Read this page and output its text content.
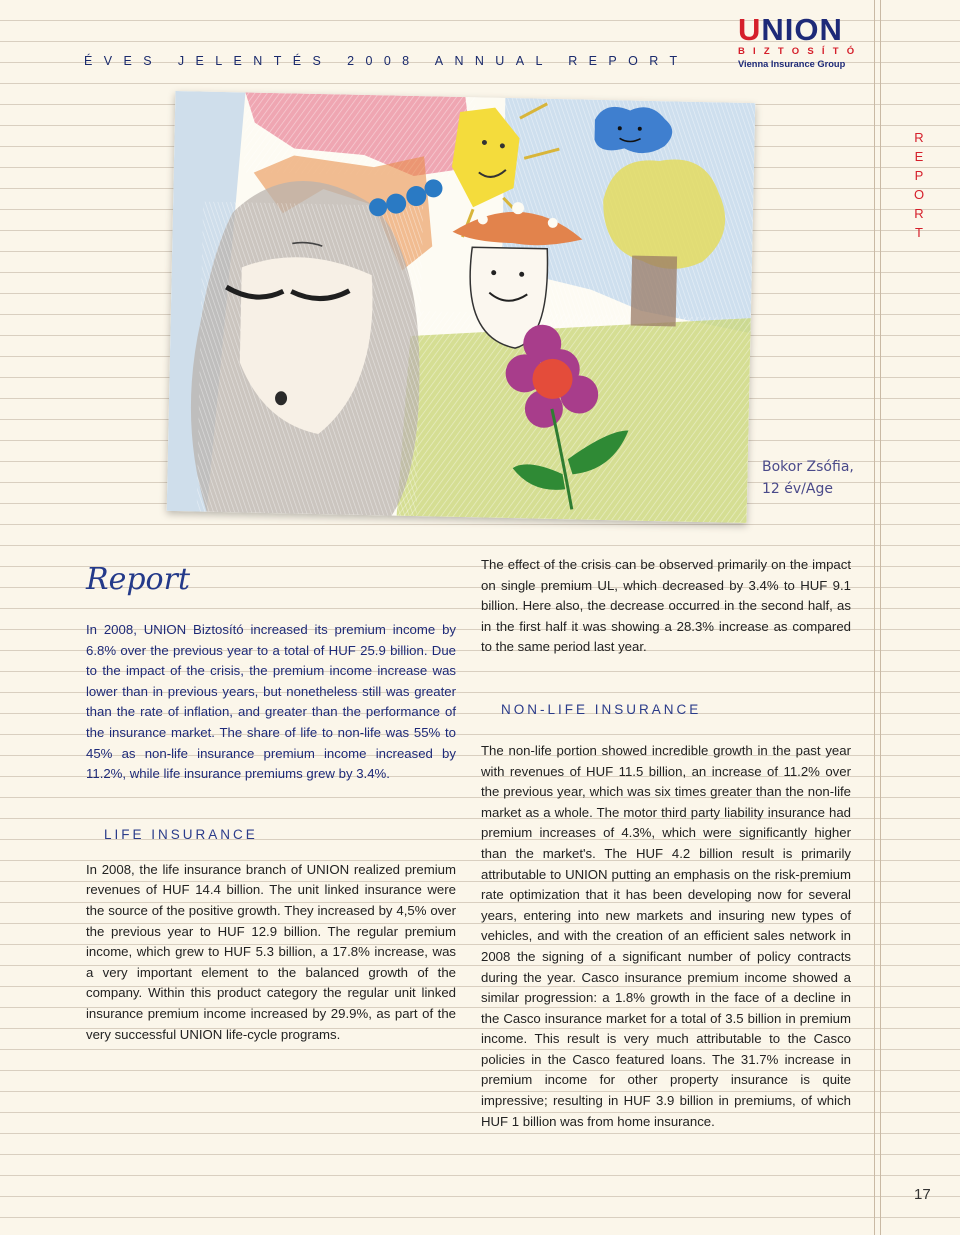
ÉVES JELENTÉS 2008 ANNUAL REPORT
UNION
BIZTOSÍTÓ
Vienna Insurance Group
R
E
P
O
R
T
Bokor Zsófia,
12 év/Age
Report

In 2008, UNION Biztosító increased its premium income by 6.8% over the previous year to a total of HUF 25.9 billion. Due to the impact of the crisis, the premium income increase was lower than in previous years, but nonetheless still was greater than the rate of inflation, and greater than the performance of the insurance market. The share of life to non-life was 55% to 45% as non-life insurance premium income increased by 11.2%, while life insurance premiums grew by 3.4%.

LIFE INSURANCE

In 2008, the life insurance branch of UNION realized premium revenues of HUF 14.4 billion. The unit linked insurance were the source of the positive growth. They increased by 4,5% over the previous year to HUF 12.9 billion. The regular premium income, which grew to HUF 5.3 billion, a 17.8% increase, was a very important element to the balanced growth of the company. Within this product category the regular unit linked insurance premium income increased by 29.9%, as part of the very successful UNION life-cycle programs.

The effect of the crisis can be observed primarily on the impact on single premium UL, which decreased by 3.4% to HUF 9.1 billion. Here also, the decrease occurred in the second half, as in the first half it was showing a 28.3% increase as compared to the same period last year.

NON-LIFE INSURANCE

The non-life portion showed incredible growth in the past year with revenues of HUF 11.5 billion, an increase of 11.2% over the previous year, which was six times greater than the non-life market as a whole. The motor third party liability insurance had premium increases of 4.3%, which were significantly higher than the market's. The HUF 4.2 billion result is primarily attributable to UNION putting an emphasis on the risk-premium rate optimization that it has been developing now for several years, entering into new markets and insuring new types of vehicles, and with the creation of an efficient sales network in 2008 the signing of a significant number of policy contracts during the year. Casco insurance premium income showed a similar progression: a 1.8% growth in the face of a decline in the Casco insurance market for a total of 3.5 billion in premium income. This result is very much attributable to the Casco policies in the Casco featured loans. The 31.7% increase in premium income for other property insurance is quite impressive; resulting in HUF 3.9 billion in premiums, of which HUF 1 billion was from home insurance.

17
